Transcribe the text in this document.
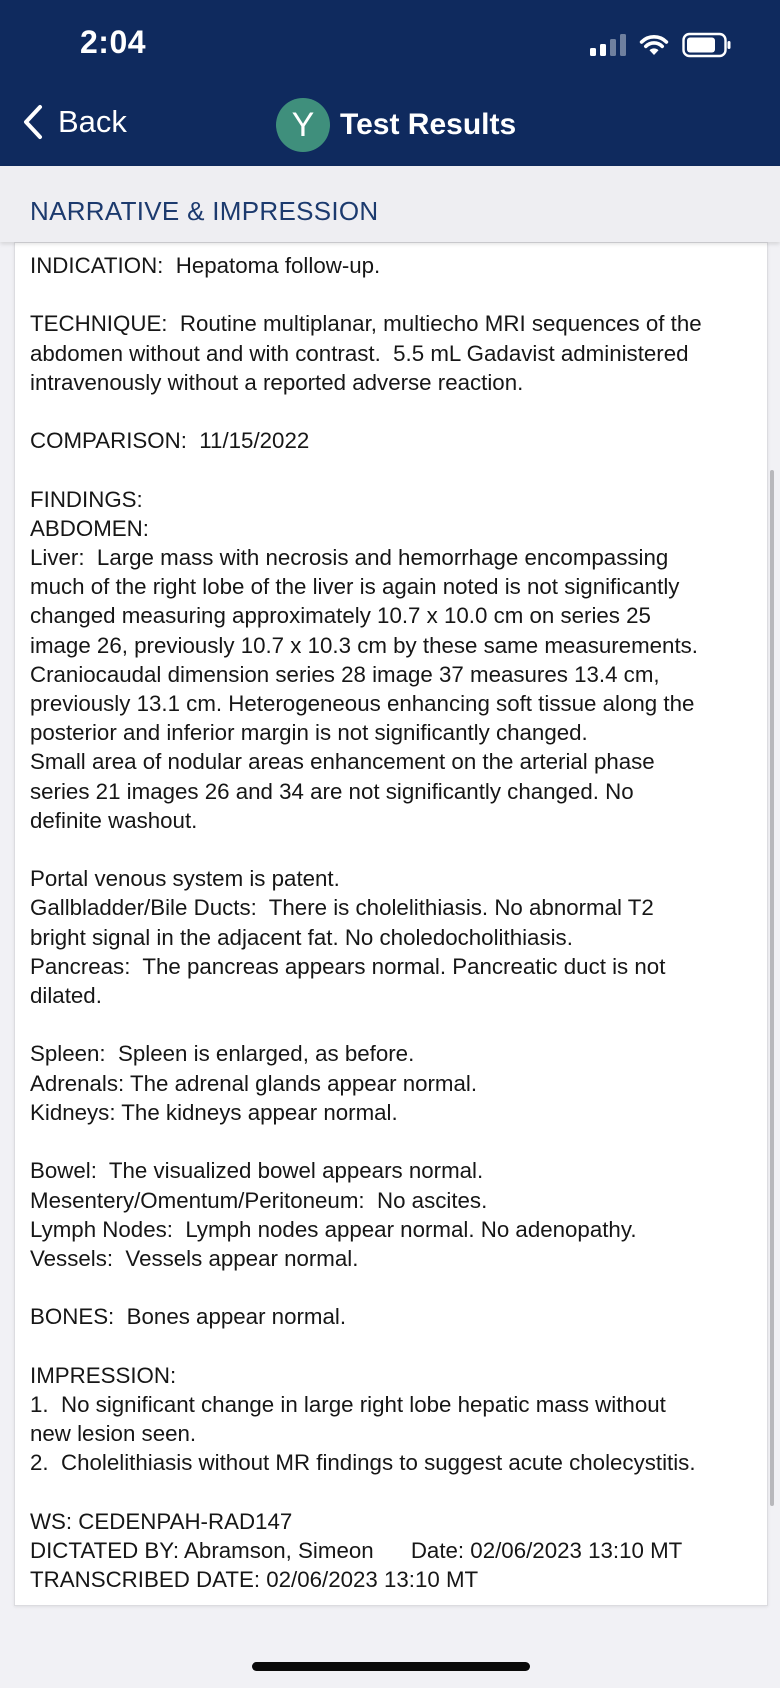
2:04
Back	Y Test Results
NARRATIVE & IMPRESSION
INDICATION:  Hepatoma follow-up.

TECHNIQUE:  Routine multiplanar, multiecho MRI sequences of the
abdomen without and with contrast.  5.5 mL Gadavist administered
intravenously without a reported adverse reaction.

COMPARISON:  11/15/2022

FINDINGS:
ABDOMEN:
Liver:  Large mass with necrosis and hemorrhage encompassing
much of the right lobe of the liver is again noted is not significantly
changed measuring approximately 10.7 x 10.0 cm on series 25
image 26, previously 10.7 x 10.3 cm by these same measurements.
Craniocaudal dimension series 28 image 37 measures 13.4 cm,
previously 13.1 cm. Heterogeneous enhancing soft tissue along the
posterior and inferior margin is not significantly changed.
Small area of nodular areas enhancement on the arterial phase
series 21 images 26 and 34 are not significantly changed. No
definite washout.

Portal venous system is patent.
Gallbladder/Bile Ducts:  There is cholelithiasis. No abnormal T2
bright signal in the adjacent fat. No choledocholithiasis.
Pancreas:  The pancreas appears normal. Pancreatic duct is not
dilated.

Spleen:  Spleen is enlarged, as before.
Adrenals: The adrenal glands appear normal.
Kidneys: The kidneys appear normal.

Bowel:  The visualized bowel appears normal.
Mesentery/Omentum/Peritoneum:  No ascites.
Lymph Nodes:  Lymph nodes appear normal. No adenopathy.
Vessels:  Vessels appear normal.

BONES:  Bones appear normal.

IMPRESSION:
1.  No significant change in large right lobe hepatic mass without
new lesion seen.
2.  Cholelithiasis without MR findings to suggest acute cholecystitis.

WS: CEDENPAH-RAD147
DICTATED BY: Abramson, Simeon      Date: 02/06/2023 13:10 MT
TRANSCRIBED DATE: 02/06/2023 13:10 MT
